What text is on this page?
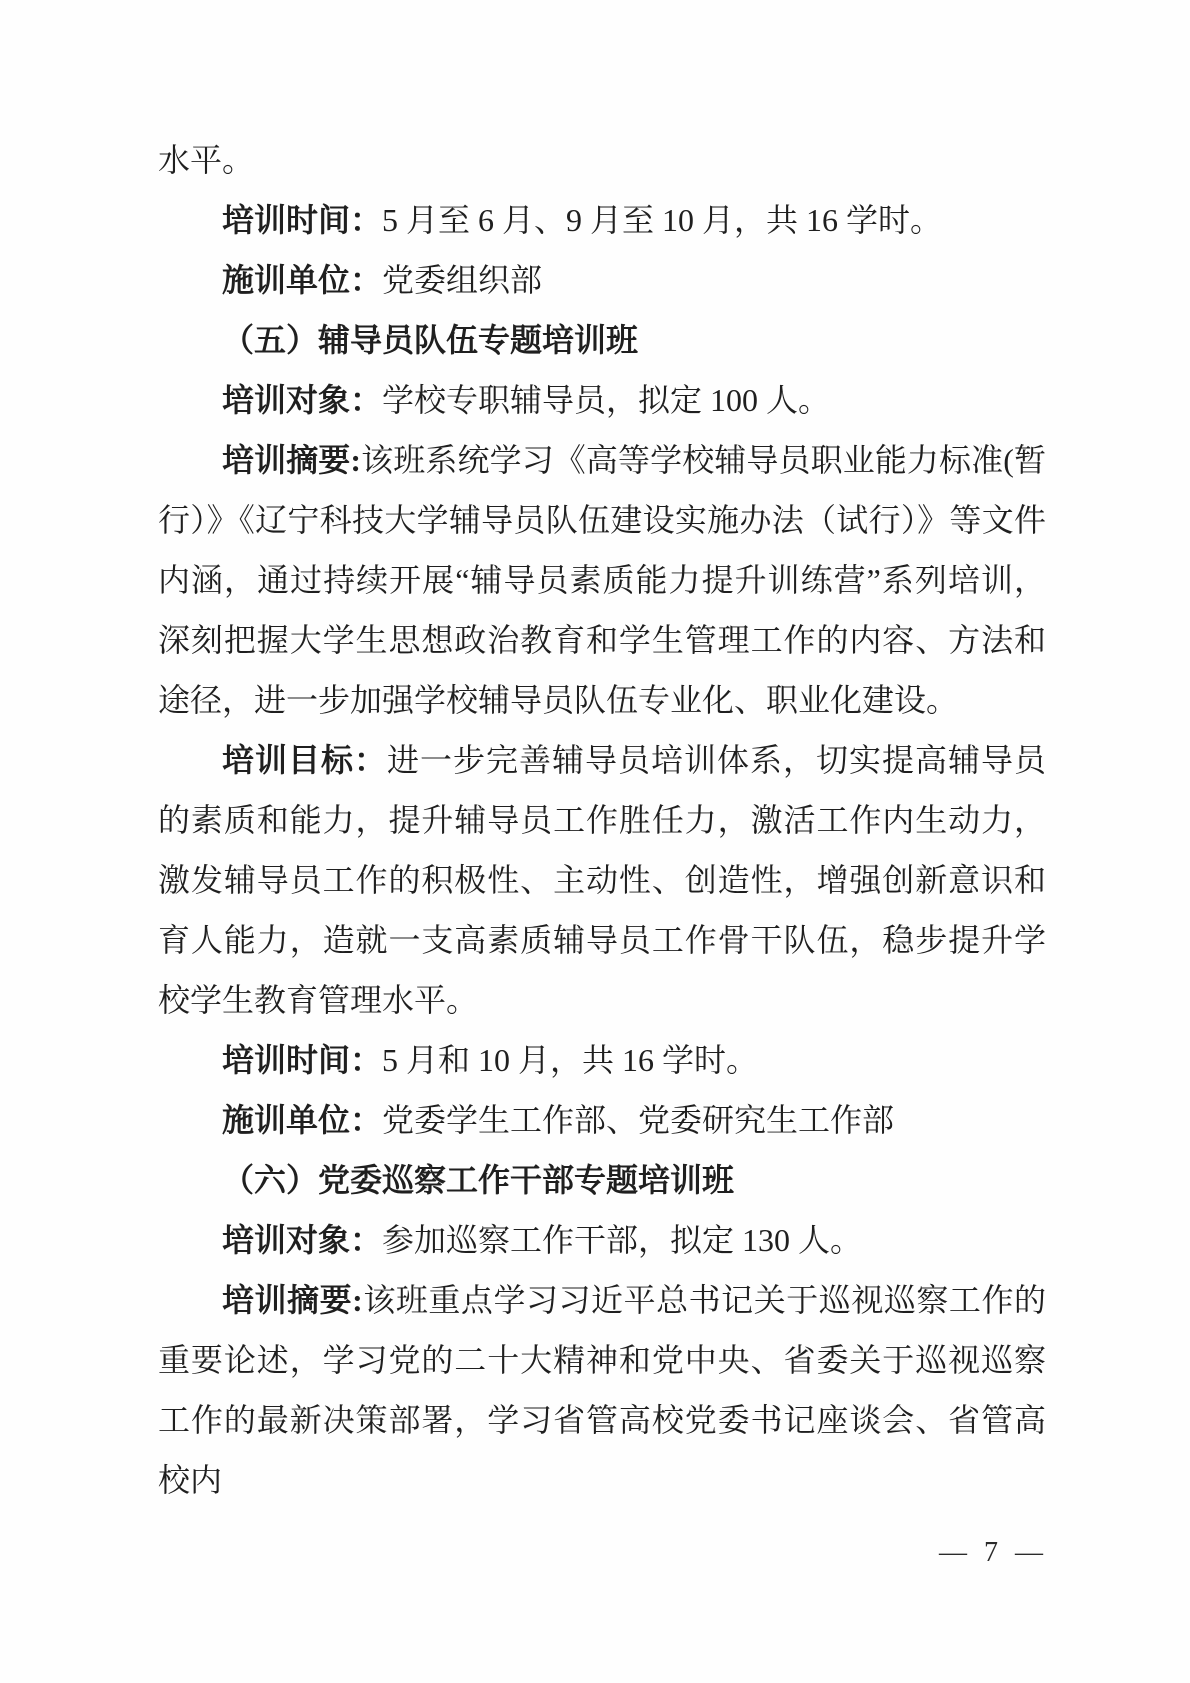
水平。

培训时间：5 月至 6 月、9 月至 10 月，共 16 学时。

施训单位：党委组织部

（五）辅导员队伍专题培训班

培训对象：学校专职辅导员，拟定 100 人。

培训摘要:该班系统学习《高等学校辅导员职业能力标准(暂行）》《辽宁科技大学辅导员队伍建设实施办法（试行）》等文件内涵，通过持续开展“辅导员素质能力提升训练营”系列培训，深刻把握大学生思想政治教育和学生管理工作的内容、方法和途径，进一步加强学校辅导员队伍专业化、职业化建设。

培训目标：进一步完善辅导员培训体系，切实提高辅导员的素质和能力，提升辅导员工作胜任力，激活工作内生动力，激发辅导员工作的积极性、主动性、创造性，增强创新意识和育人能力，造就一支高素质辅导员工作骨干队伍，稳步提升学校学生教育管理水平。

培训时间：5 月和 10 月，共 16 学时。

施训单位：党委学生工作部、党委研究生工作部

（六）党委巡察工作干部专题培训班

培训对象：参加巡察工作干部，拟定 130 人。

培训摘要:该班重点学习习近平总书记关于巡视巡察工作的重要论述，学习党的二十大精神和党中央、省委关于巡视巡察工作的最新决策部署，学习省管高校党委书记座谈会、省管高校内

— 7 —
